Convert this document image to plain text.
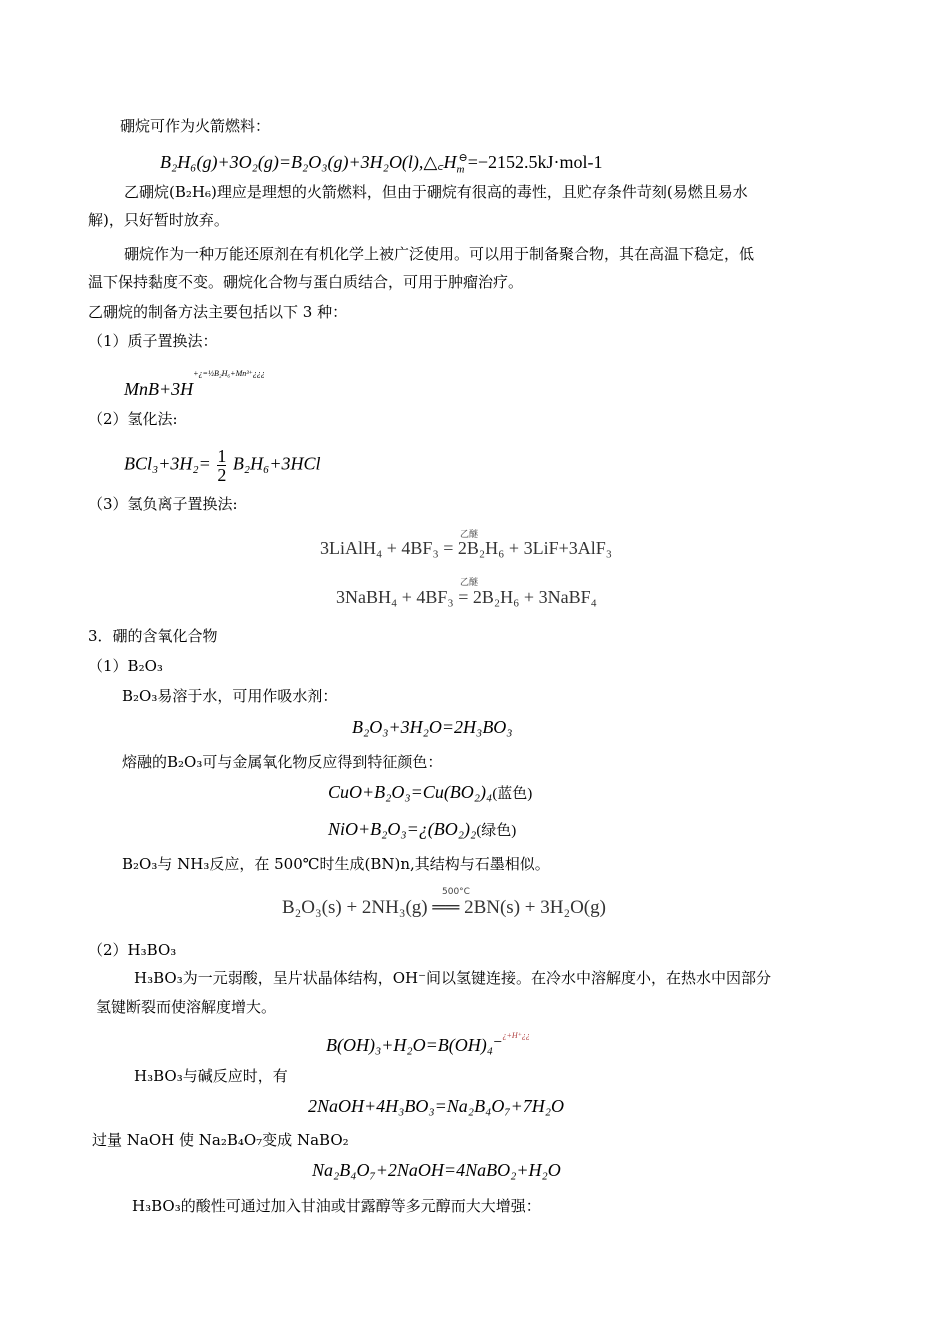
硼烷可作为火箭燃料：
$B_2H_6(g)+3O_2(g)=B_2O_3(g)+3H_2O(l),\triangle꜀H_m^⊖=-2152.5kJ\cdot mol-1$
乙硼烷(B₂H₆)理应是理想的火箭燃料，但由于硼烷有很高的毒性，且贮存条件苛刻(易燃且易水
解)，只好暂时放弃。
硼烷作为一种万能还原剂在有机化学上被广泛使用。可以用于制备聚合物，其在高温下稳定，低
温下保持黏度不变。硼烷化合物与蛋白质结合，可用于肿瘤治疗。
乙硼烷的制备方法主要包括以下 3 种：
（1）质子置换法：
$MnB+3H^{+¿=\frac{1}{2}B_2H_6+Mn^{3+}¿¿¿}$
（2）氢化法:
$BCl_3+3H_2= \frac{1}{2} B_2H_6+3HCl$
（3）氢负离子置换法:
乙醚
3LiAlH₄ + 4BF₃ = 2B₂H₆ + 3LiF+3AlF₃
乙醚
3NaBH₄ + 4BF₃ = 2B₂H₆ + 3NaBF₄
3．硼的含氧化合物
（1）B₂O₃
B₂O₃易溶于水，可用作吸水剂：
B₂O₃+3H₂O=2H₃BO₃
熔融的B₂O₃可与金属氧化物反应得到特征颜色：
CuO+B₂O₃=Cu(BO₂)₄(蓝色)
NiO+B₂O₃=¿(BO₂)₂(绿色)
B₂O₃与 NH₃反应，在 500℃时生成(BN)n,其结构与石墨相似。
500°C
B₂O₃(s) + 2NH₃(g) ══ 2BN(s) + 3H₂O(g)
（2）H₃BO₃
H₃BO₃为一元弱酸，呈片状晶体结构，OH⁻间以氢键连接。在冷水中溶解度小，在热水中因部分
氢键断裂而使溶解度增大。
B(OH)₃+H₂O=B(OH)₄⁻$^{¿+H^+¿¿}$
H₃BO₃与碱反应时，有
2NaOH+4H₃BO₃=Na₂B₄O₇+7H₂O
过量 NaOH 使 Na₂B₄O₇变成 NaBO₂
Na₂B₄O₇+2NaOH=4NaBO₂+H₂O
H₃BO₃的酸性可通过加入甘油或甘露醇等多元醇而大大增强：
